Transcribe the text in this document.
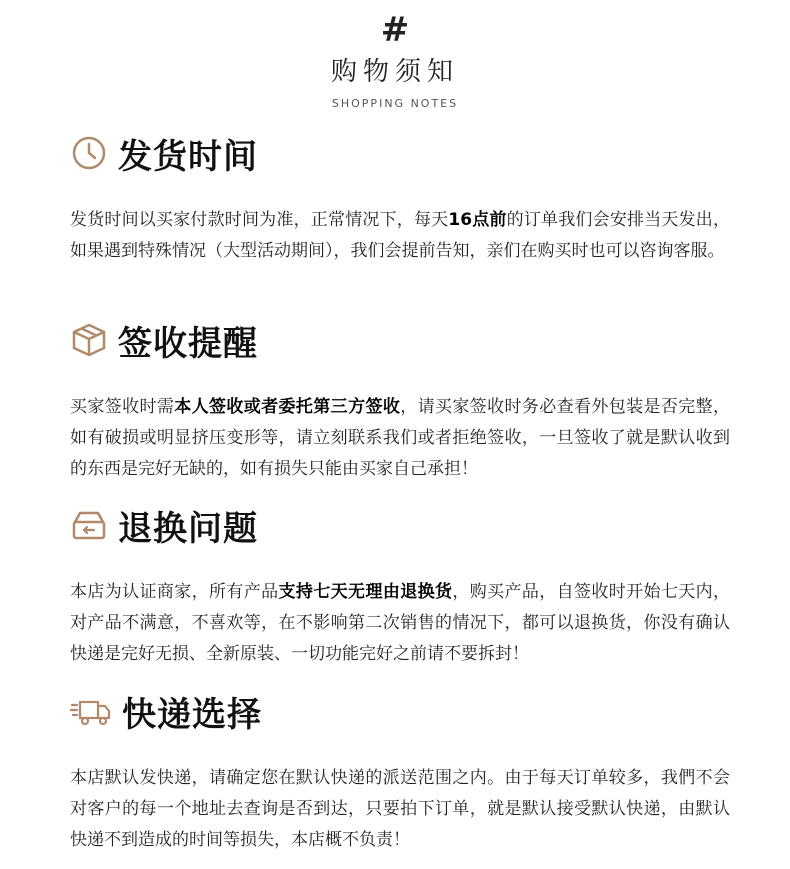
#
购物须知
SHOPPING NOTES
发货时间
发货时间以买家付款时间为准，正常情况下，每天16点前的订单我们会安排当天发出，如果遇到特殊情况（大型活动期间），我们会提前告知，亲们在购买时也可以咨询客服。
签收提醒
买家签收时需本人签收或者委托第三方签收，请买家签收时务必查看外包装是否完整，如有破损或明显挤压变形等，请立刻联系我们或者拒绝签收，一旦签收了就是默认收到的东西是完好无缺的，如有损失只能由买家自己承担！
退换问题
本店为认证商家，所有产品支持七天无理由退换货，购买产品，自签收时开始七天内，对产品不满意，不喜欢等，在不影响第二次销售的情况下，都可以退换货，你没有确认快递是完好无损、全新原装、一切功能完好之前请不要拆封！
快递选择
本店默认发快递，请确定您在默认快递的派送范围之内。由于每天订单较多，我們不会对客户的每一个地址去查询是否到达，只要拍下订单，就是默认接受默认快递，由默认快递不到造成的时间等损失，本店概不负责！
